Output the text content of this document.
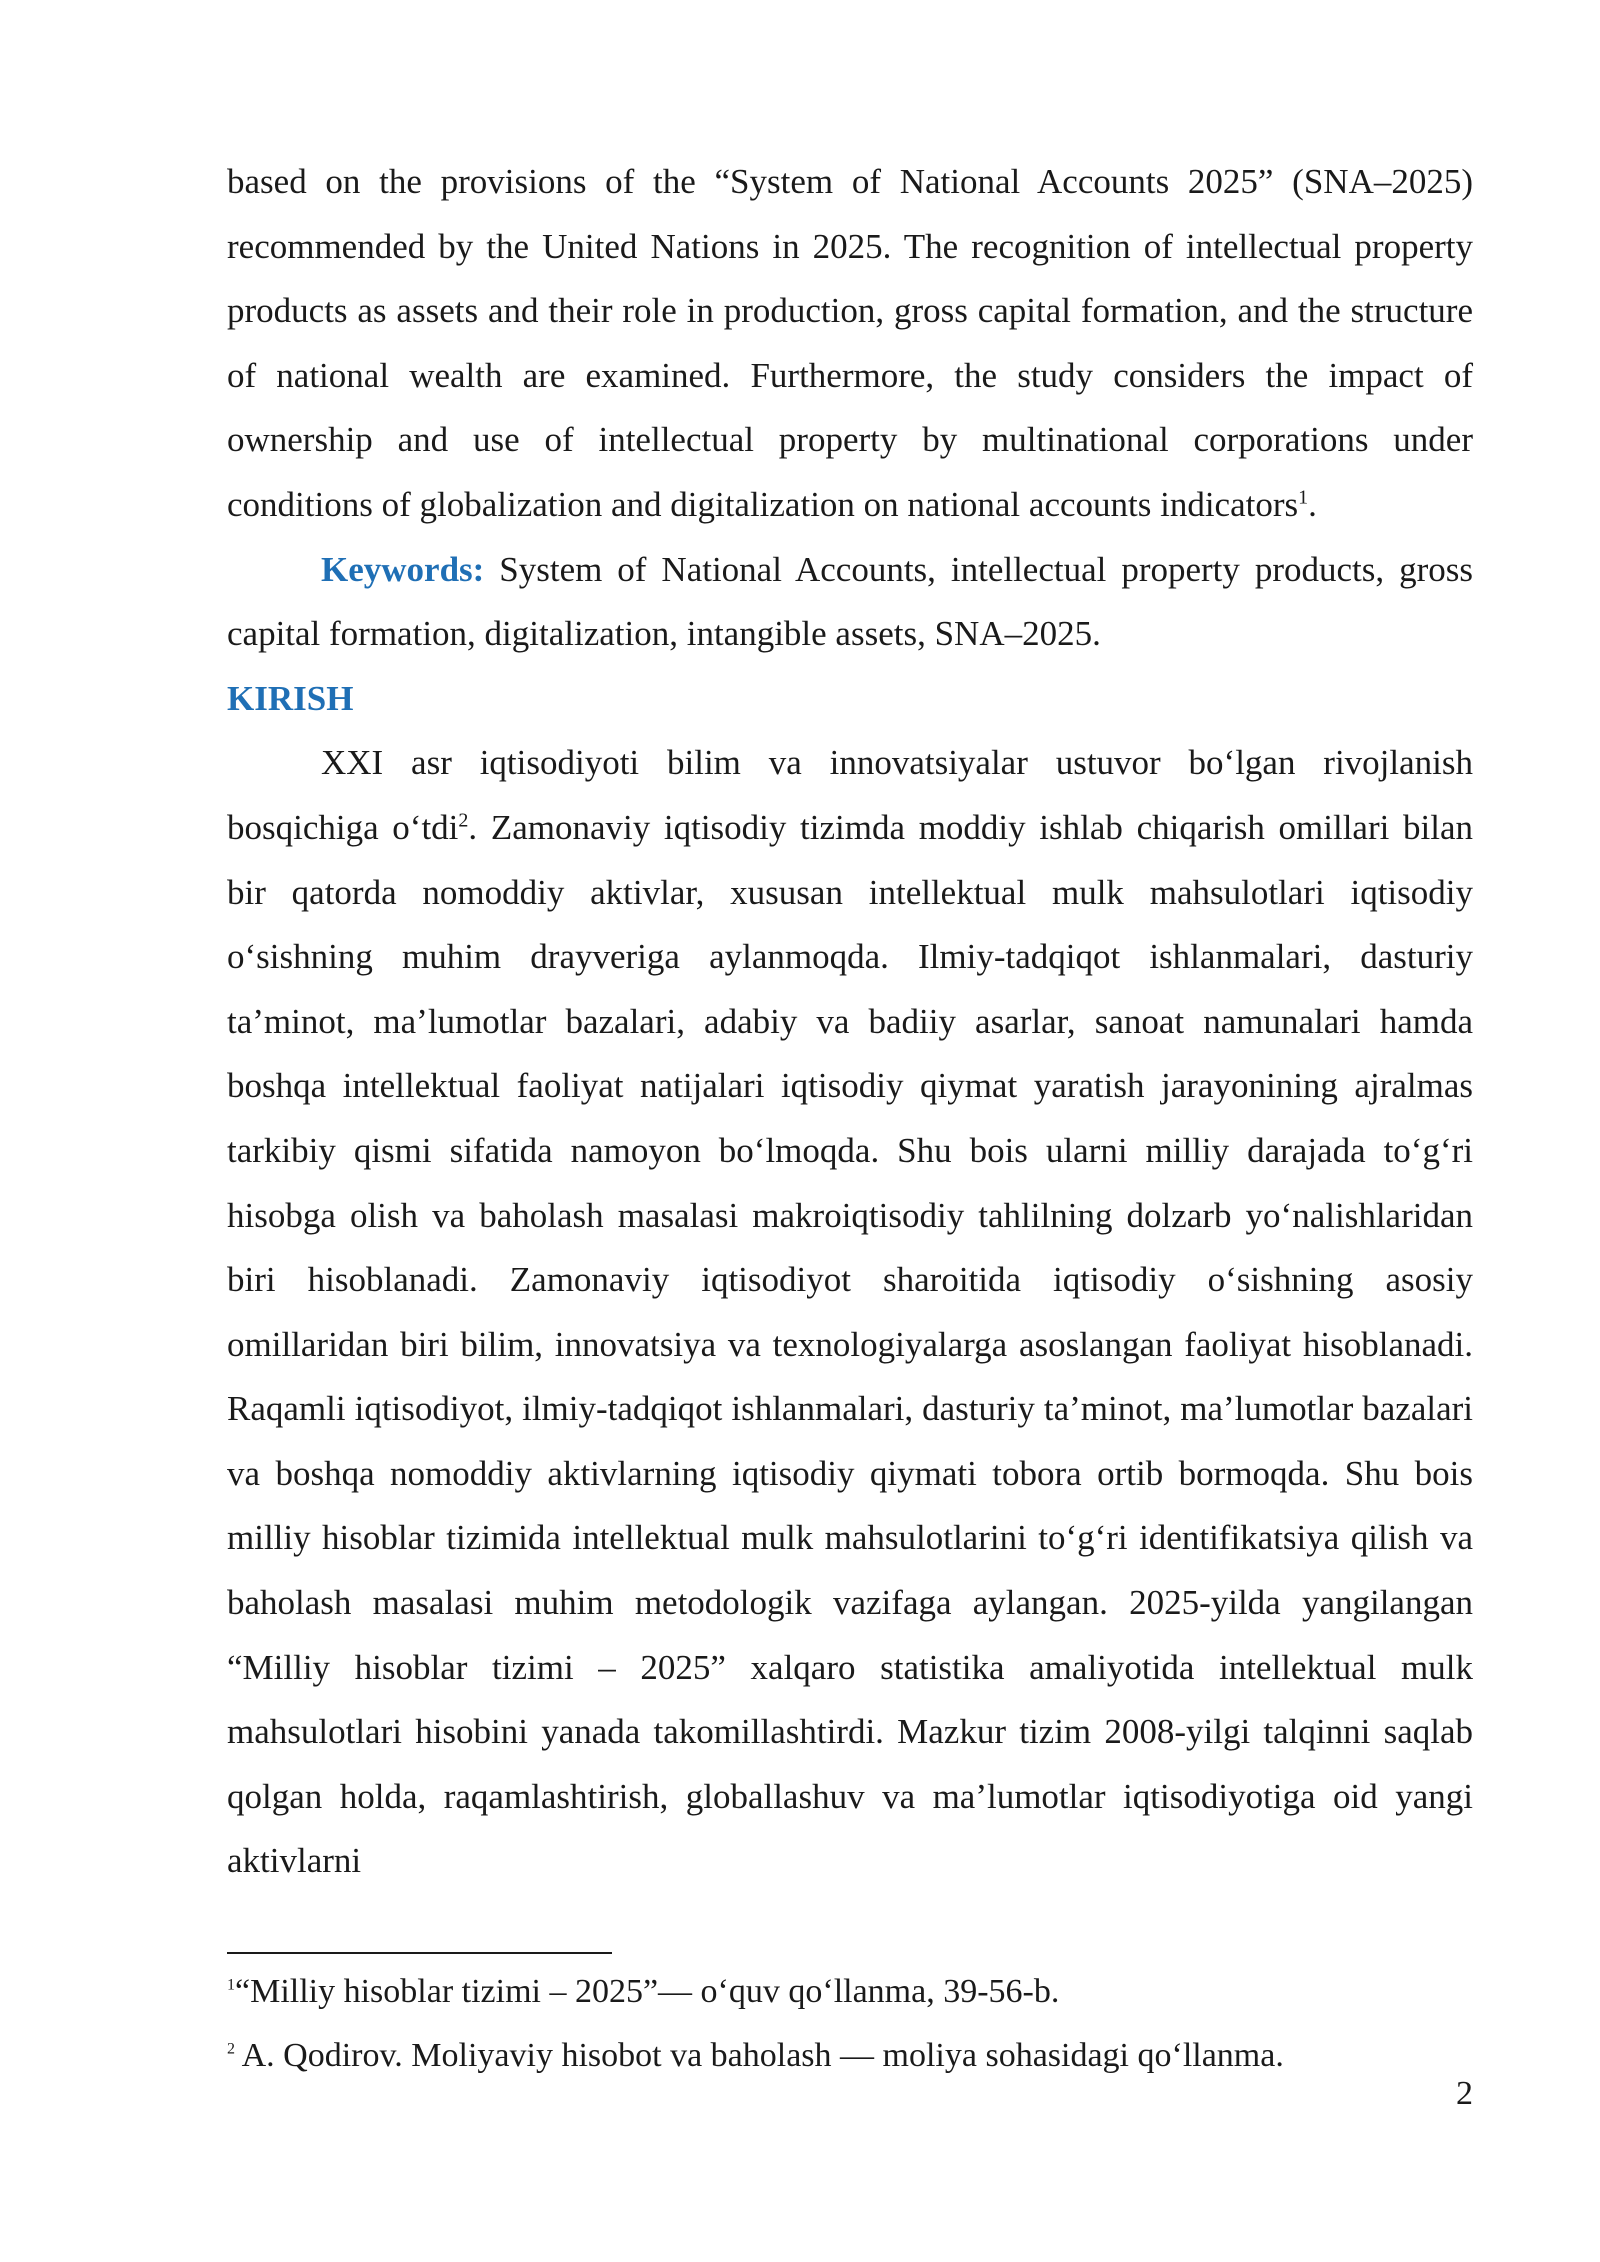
based on the provisions of the “System of National Accounts 2025” (SNA–2025) recommended by the United Nations in 2025. The recognition of intellectual property products as assets and their role in production, gross capital formation, and the structure of national wealth are examined. Furthermore, the study considers the impact of ownership and use of intellectual property by multinational corporations under conditions of globalization and digitalization on national accounts indicators$^1$.

Keywords: System of National Accounts, intellectual property products, gross capital formation, digitalization, intangible assets, SNA–2025.

KIRISH

XXI asr iqtisodiyoti bilim va innovatsiyalar ustuvor bo‘lgan rivojlanish bosqichiga o‘tdi$^2$. Zamonaviy iqtisodiy tizimda moddiy ishlab chiqarish omillari bilan bir qatorda nomoddiy aktivlar, xususan intellektual mulk mahsulotlari iqtisodiy o‘sishning muhim drayveriga aylanmoqda. Ilmiy-tadqiqot ishlanmalari, dasturiy ta’minot, ma’lumotlar bazalari, adabiy va badiiy asarlar, sanoat namunalari hamda boshqa intellektual faoliyat natijalari iqtisodiy qiymat yaratish jarayonining ajralmas tarkibiy qismi sifatida namoyon bo‘lmoqda. Shu bois ularni milliy darajada to‘g‘ri hisobga olish va baholash masalasi makroiqtisodiy tahlilning dolzarb yo‘nalishlaridan biri hisoblanadi. Zamonaviy iqtisodiyot sharoitida iqtisodiy o‘sishning asosiy omillaridan biri bilim, innovatsiya va texnologiyalarga asoslangan faoliyat hisoblanadi. Raqamli iqtisodiyot, ilmiy-tadqiqot ishlanmalari, dasturiy ta’minot, ma’lumotlar bazalari va boshqa nomoddiy aktivlarning iqtisodiy qiymati tobora ortib bormoqda. Shu bois milliy hisoblar tizimida intellektual mulk mahsulotlarini to‘g‘ri identifikatsiya qilish va baholash masalasi muhim metodologik vazifaga aylangan. 2025-yilda yangilangan “Milliy hisoblar tizimi – 2025” xalqaro statistika amaliyotida intellektual mulk mahsulotlari hisobini yanada takomillashtirdi. Mazkur tizim 2008-yilgi talqinni saqlab qolgan holda, raqamlashtirish, globallashuv va ma’lumotlar iqtisodiyotiga oid yangi aktivlarni

$^1$“Milliy hisoblar tizimi – 2025”— o‘quv qo‘llanma, 39-56-b.

$^2$ A. Qodirov. Moliyaviy hisobot va baholash — moliya sohasidagi qo‘llanma.

2
